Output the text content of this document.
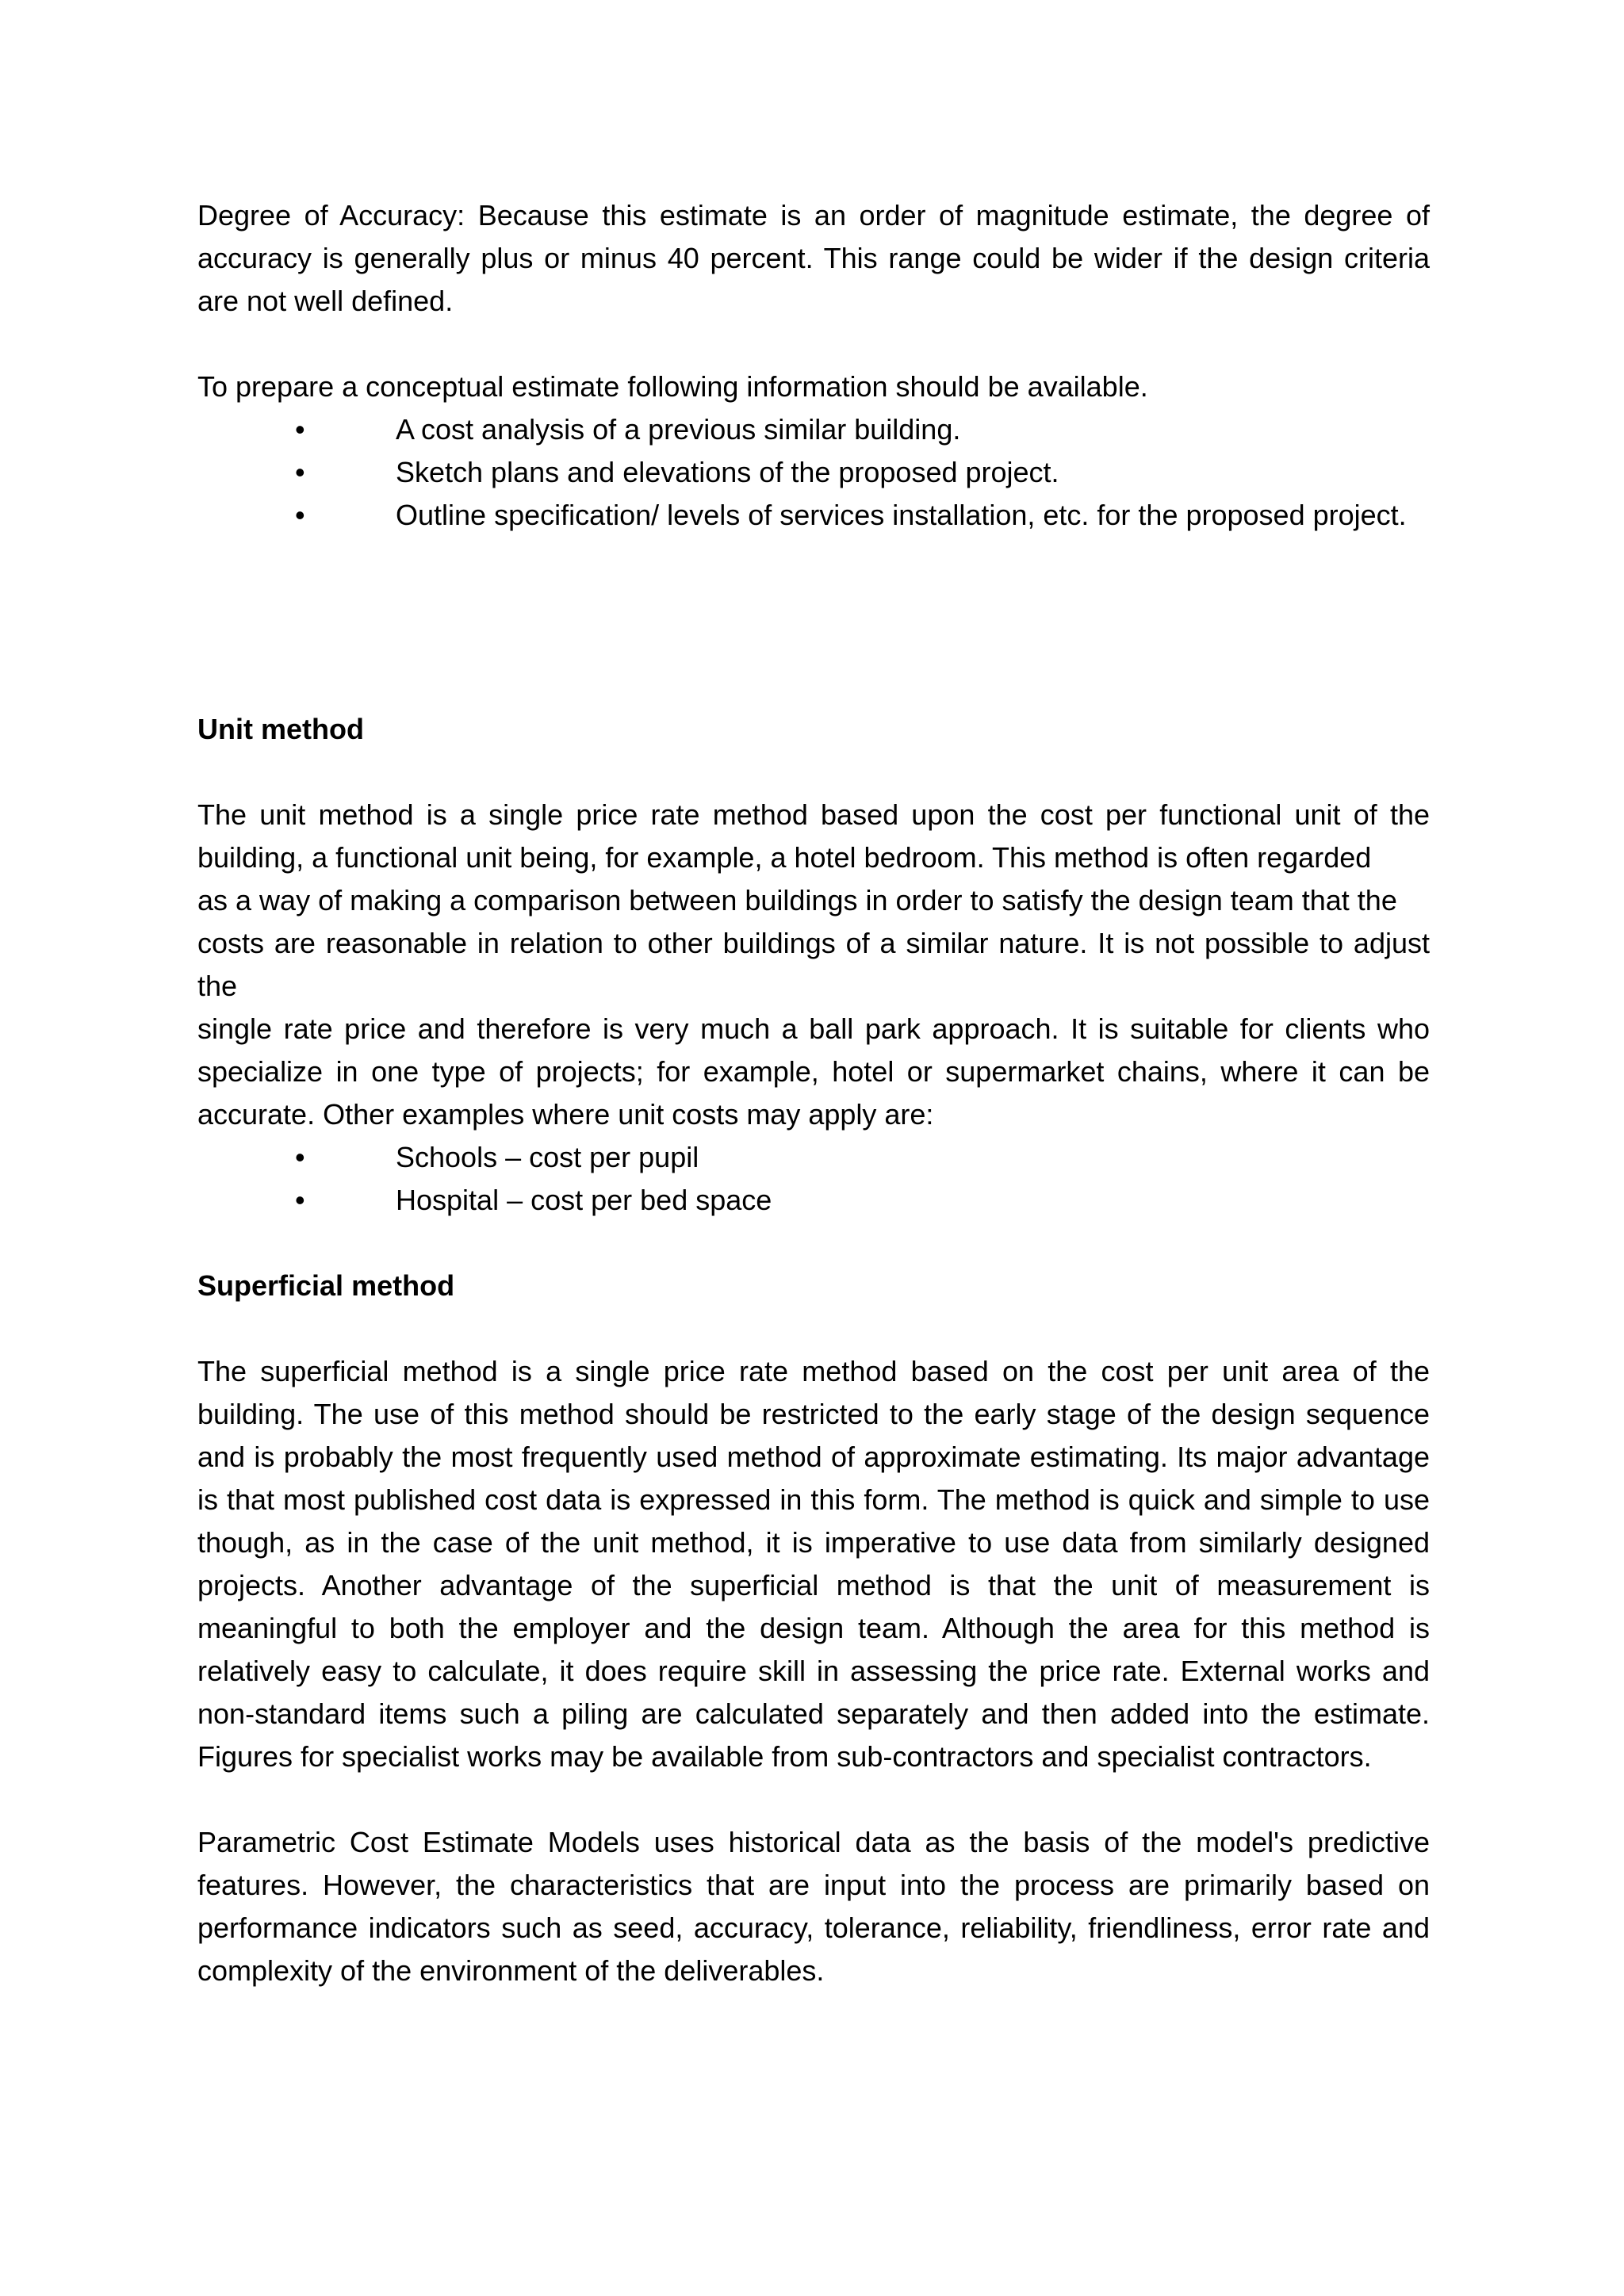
Degree of Accuracy: Because this estimate is an order of magnitude estimate, the degree of accuracy is generally plus or minus 40 percent. This range could be wider if the design criteria are not well defined.

To prepare a conceptual estimate following information should be available.

•	A cost analysis of a previous similar building.
•	Sketch plans and elevations of the proposed project.
•	Outline specification/ levels of services installation, etc. for the proposed project.

Unit method

The unit method is a single price rate method based upon the cost per functional unit of the
building, a functional unit being, for example, a hotel bedroom. This method is often regarded
as a way of making a comparison between buildings in order to satisfy the design team that the
costs are reasonable in relation to other buildings of a similar nature. It is not possible to adjust the
single rate price and therefore is very much a ball park approach. It is suitable for clients who
specialize in one type of projects; for example, hotel or supermarket chains, where it can be
accurate. Other examples where unit costs may apply are:
•	Schools – cost per pupil
•	Hospital – cost per bed space

Superficial method

The superficial method is a single price rate method based on the cost per unit area of the building. The use of this method should be restricted to the early stage of the design sequence and is probably the most frequently used method of approximate estimating. Its major advantage is that most published cost data is expressed in this form. The method is quick and simple to use though, as in the case of the unit method, it is imperative to use data from similarly designed projects. Another advantage of the superficial method is that the unit of measurement is meaningful to both the employer and the design team. Although the area for this method is relatively easy to calculate, it does require skill in assessing the price rate. External works and non-standard items such a piling are calculated separately and then added into the estimate. Figures for specialist works may be available from sub-contractors and specialist contractors.

Parametric Cost Estimate Models uses historical data as the basis of the model's predictive features. However, the characteristics that are input into the process are primarily based on performance indicators such as seed, accuracy, tolerance, reliability, friendliness, error rate and complexity of the environment of the deliverables.
